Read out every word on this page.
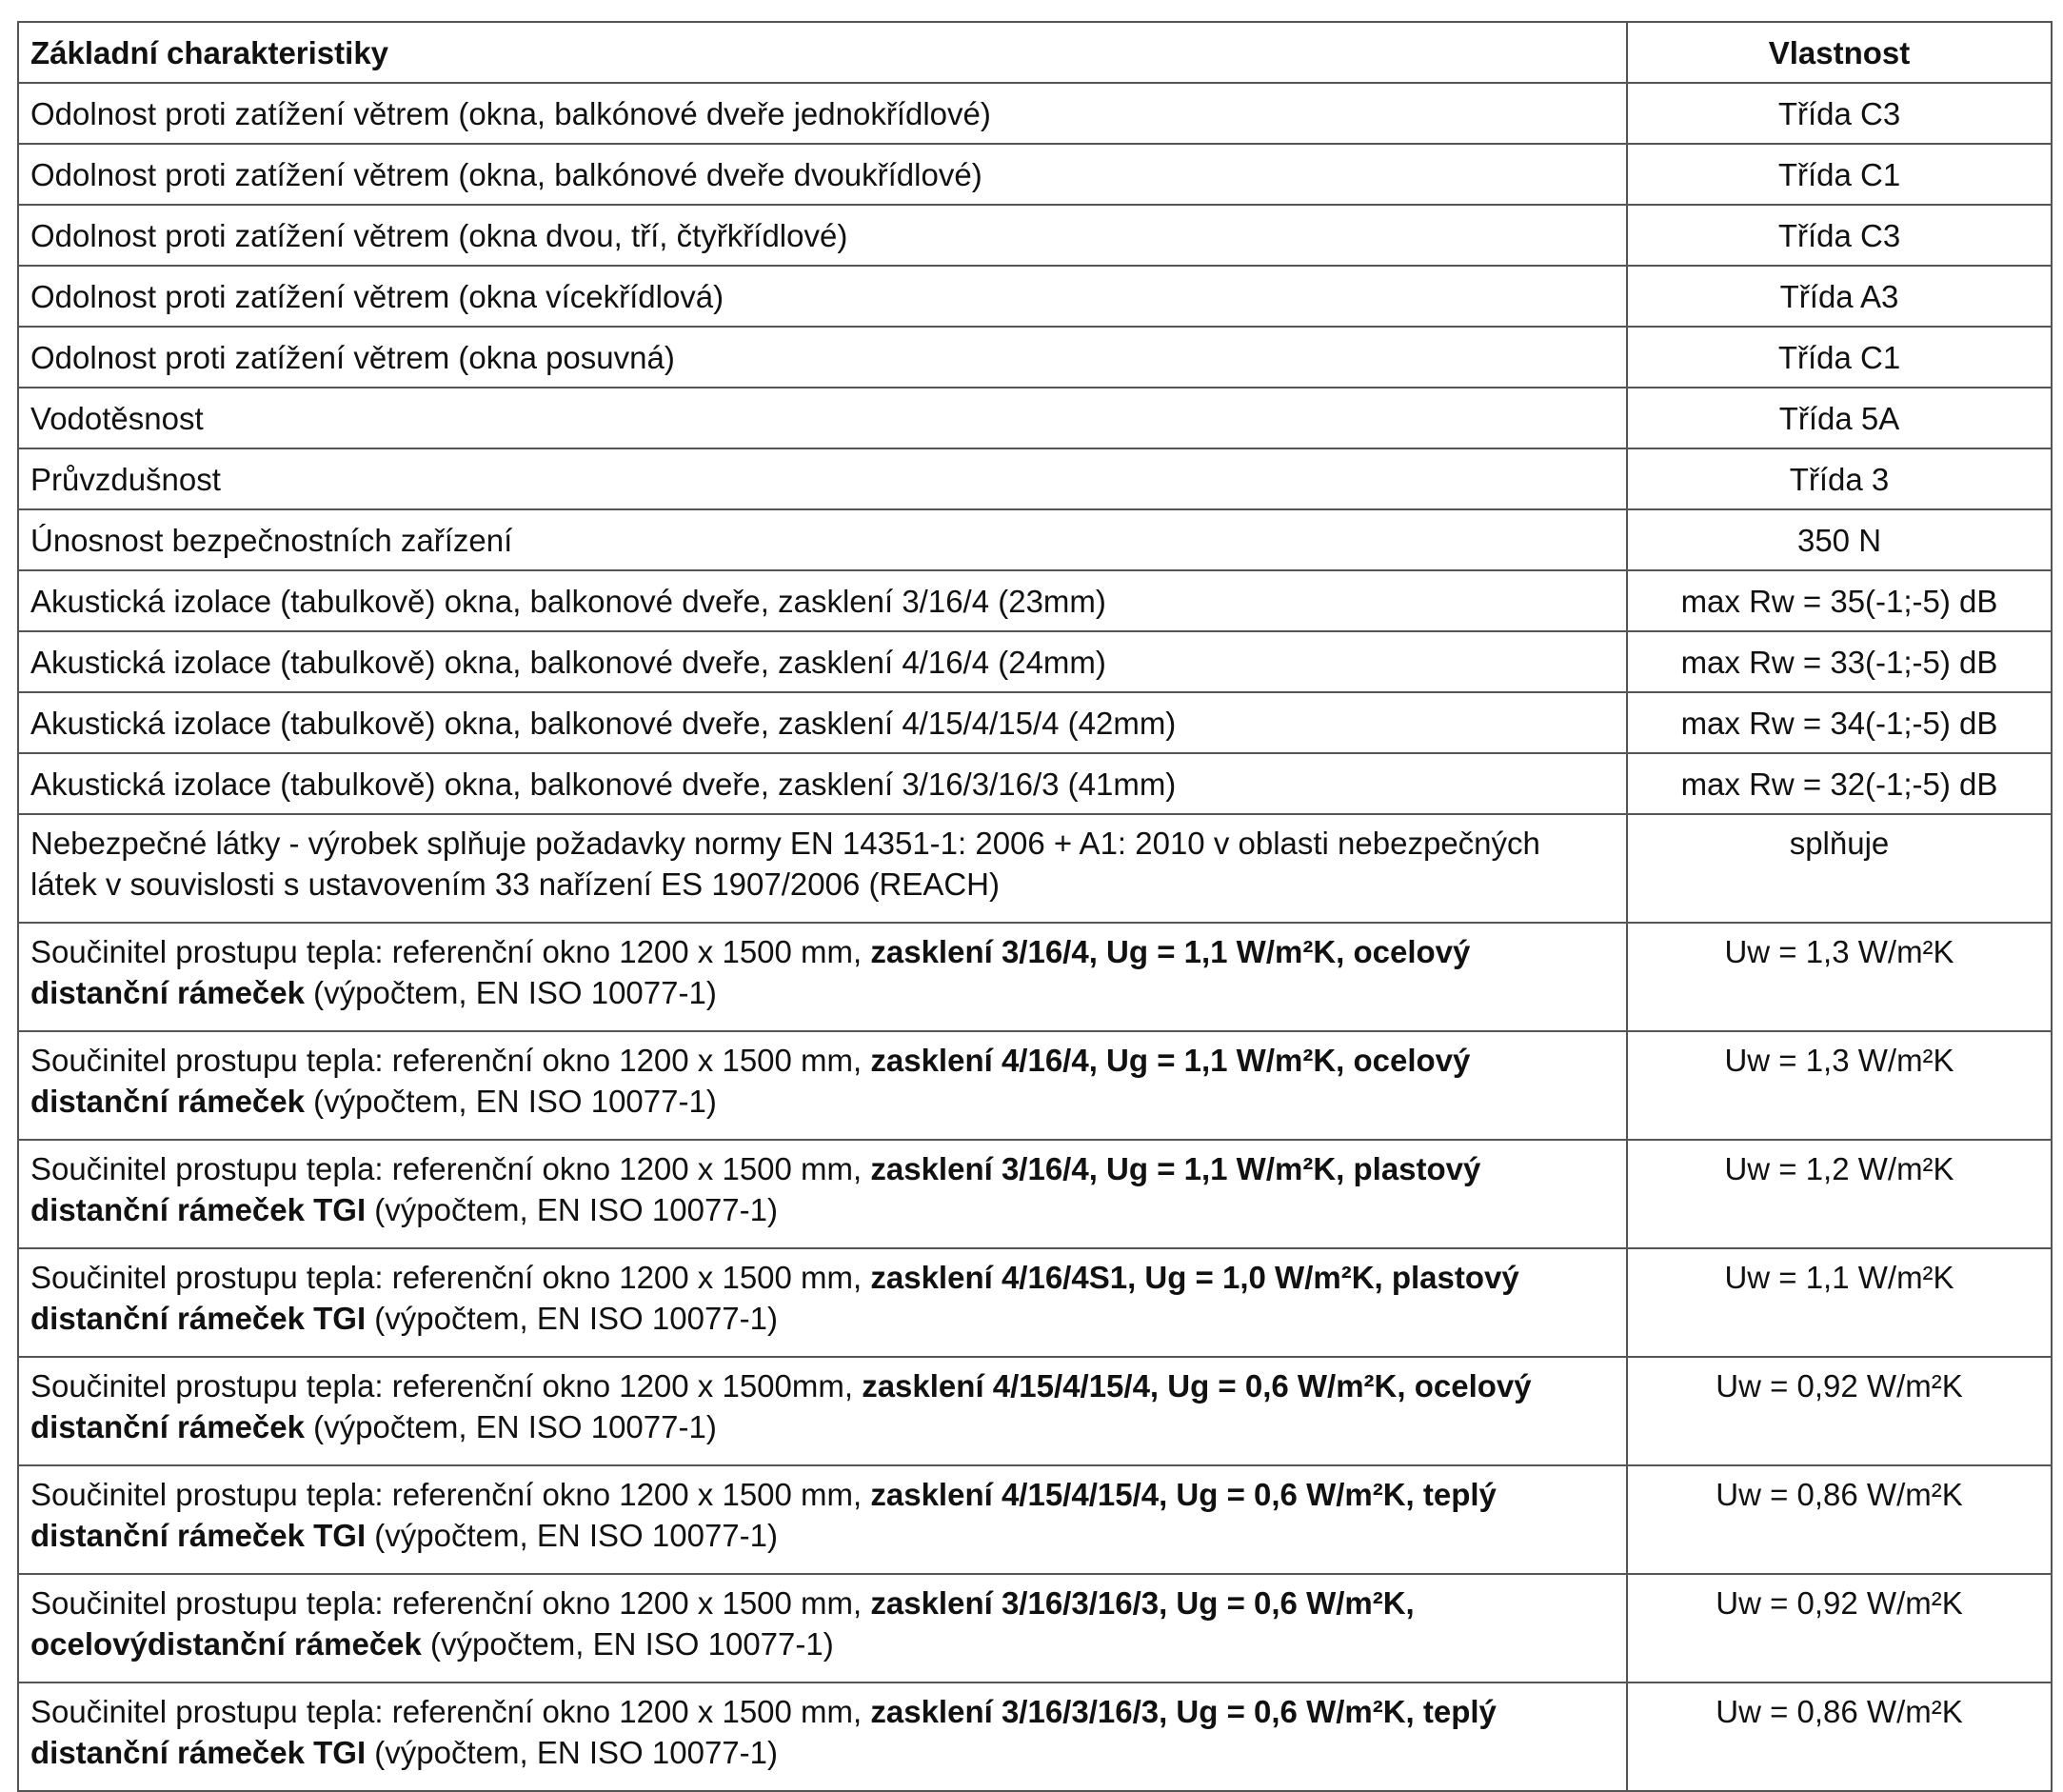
Základní charakteristiky	Vlastnost
Odolnost proti zatížení větrem (okna, balkónové dveře jednokřídlové)	Třída C3
Odolnost proti zatížení větrem (okna, balkónové dveře dvoukřídlové)	Třída C1
Odolnost proti zatížení větrem (okna dvou, tří, čtyřkřídlové)	Třída C3
Odolnost proti zatížení větrem (okna vícekřídlová)	Třída A3
Odolnost proti zatížení větrem (okna posuvná)	Třída C1
Vodotěsnost	Třída 5A
Průvzdušnost	Třída 3
Únosnost bezpečnostních zařízení	350 N
Akustická izolace (tabulkově) okna, balkonové dveře, zasklení 3/16/4 (23mm)	max Rw = 35(-1;-5) dB
Akustická izolace (tabulkově) okna, balkonové dveře, zasklení 4/16/4 (24mm)	max Rw = 33(-1;-5) dB
Akustická izolace (tabulkově) okna, balkonové dveře, zasklení 4/15/4/15/4 (42mm)	max Rw = 34(-1;-5) dB
Akustická izolace (tabulkově) okna, balkonové dveře, zasklení 3/16/3/16/3 (41mm)	max Rw = 32(-1;-5) dB
Nebezpečné látky - výrobek splňuje požadavky normy EN 14351-1: 2006 + A1: 2010 v oblasti nebezpečných látek v souvislosti s ustavovením 33 nařízení ES 1907/2006 (REACH)	splňuje
Součinitel prostupu tepla: referenční okno 1200 x 1500 mm, zasklení 3/16/4, Ug = 1,1 W/m²K, ocelový distanční rámeček (výpočtem, EN ISO 10077-1)	Uw = 1,3 W/m²K
Součinitel prostupu tepla: referenční okno 1200 x 1500 mm, zasklení 4/16/4, Ug = 1,1 W/m²K, ocelový distanční rámeček (výpočtem, EN ISO 10077-1)	Uw = 1,3 W/m²K
Součinitel prostupu tepla: referenční okno 1200 x 1500 mm, zasklení 3/16/4, Ug = 1,1 W/m²K, plastový distanční rámeček TGI (výpočtem, EN ISO 10077-1)	Uw = 1,2 W/m²K
Součinitel prostupu tepla: referenční okno 1200 x 1500 mm, zasklení 4/16/4S1, Ug = 1,0 W/m²K, plastový distanční rámeček TGI (výpočtem, EN ISO 10077-1)	Uw = 1,1 W/m²K
Součinitel prostupu tepla: referenční okno 1200 x 1500mm, zasklení 4/15/4/15/4, Ug = 0,6 W/m²K, ocelový distanční rámeček (výpočtem, EN ISO 10077-1)	Uw = 0,92 W/m²K
Součinitel prostupu tepla: referenční okno 1200 x 1500 mm, zasklení 4/15/4/15/4, Ug = 0,6 W/m²K, teplý distanční rámeček TGI (výpočtem, EN ISO 10077-1)	Uw = 0,86 W/m²K
Součinitel prostupu tepla: referenční okno 1200 x 1500 mm, zasklení 3/16/3/16/3, Ug = 0,6 W/m²K, ocelovýdistanční rámeček (výpočtem, EN ISO 10077-1)	Uw = 0,92 W/m²K
Součinitel prostupu tepla: referenční okno 1200 x 1500 mm, zasklení 3/16/3/16/3, Ug = 0,6 W/m²K, teplý distanční rámeček TGI (výpočtem, EN ISO 10077-1)	Uw = 0,86 W/m²K
